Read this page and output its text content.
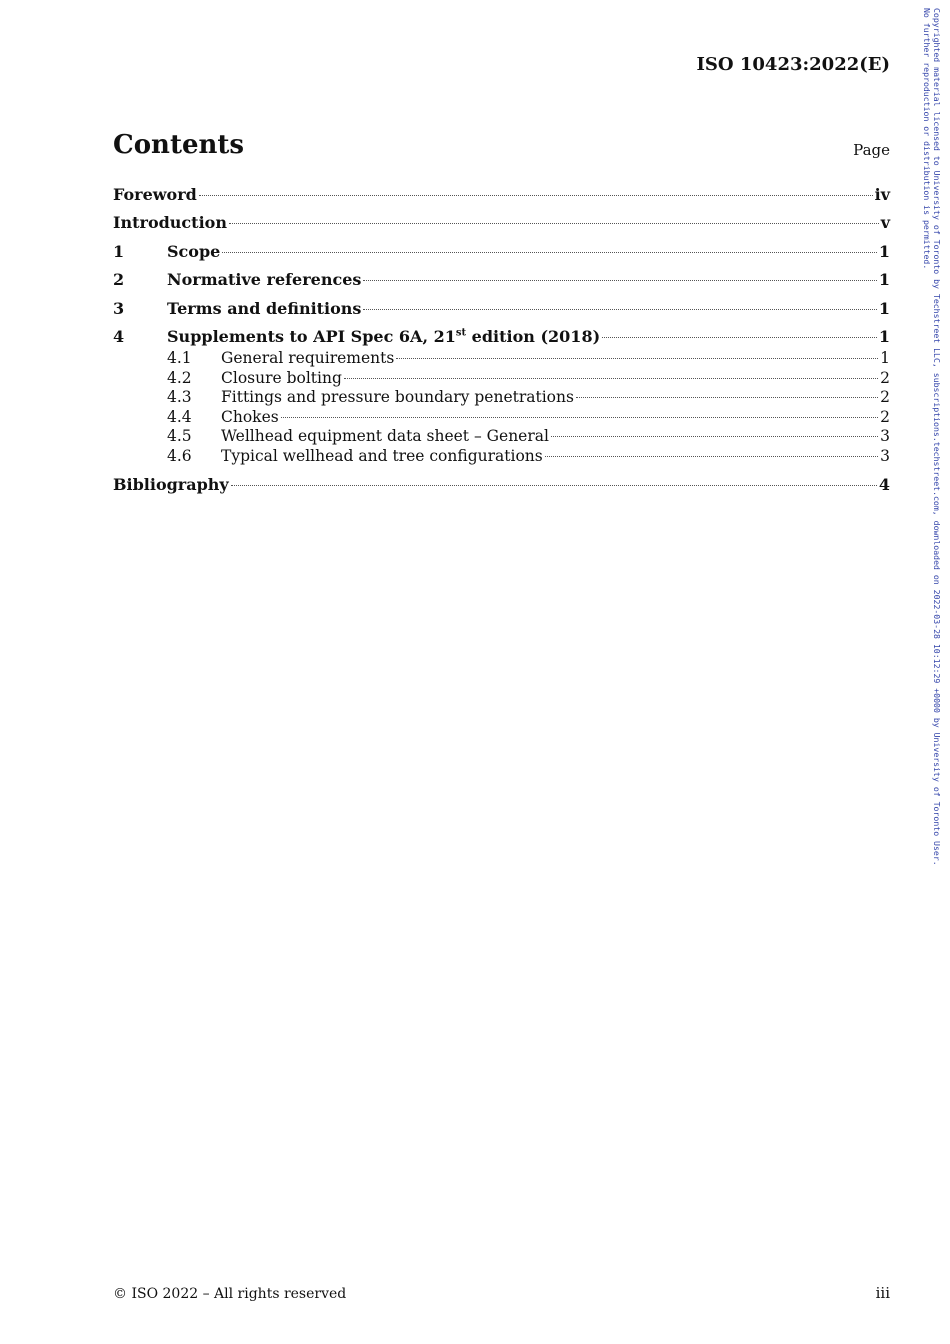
ISO 10423:2022(E)
Contents	Page
Foreword	iv
Introduction	v
1	Scope	1
2	Normative references	1
3	Terms and definitions	1
4	Supplements to API Spec 6A, 21st edition (2018)	1
4.1	General requirements	1
4.2	Closure bolting	2
4.3	Fittings and pressure boundary penetrations	2
4.4	Chokes	2
4.5	Wellhead equipment data sheet – General	3
4.6	Typical wellhead and tree configurations	3
Bibliography	4
© ISO 2022 – All rights reserved	iii
Copyrighted material licensed to University of Toronto by Techstreet LLC, subscriptions.techstreet.com, downloaded on 2022-03-28 10:12:29 +0000 by University of Toronto User.
No further reproduction or distribution is permitted.
